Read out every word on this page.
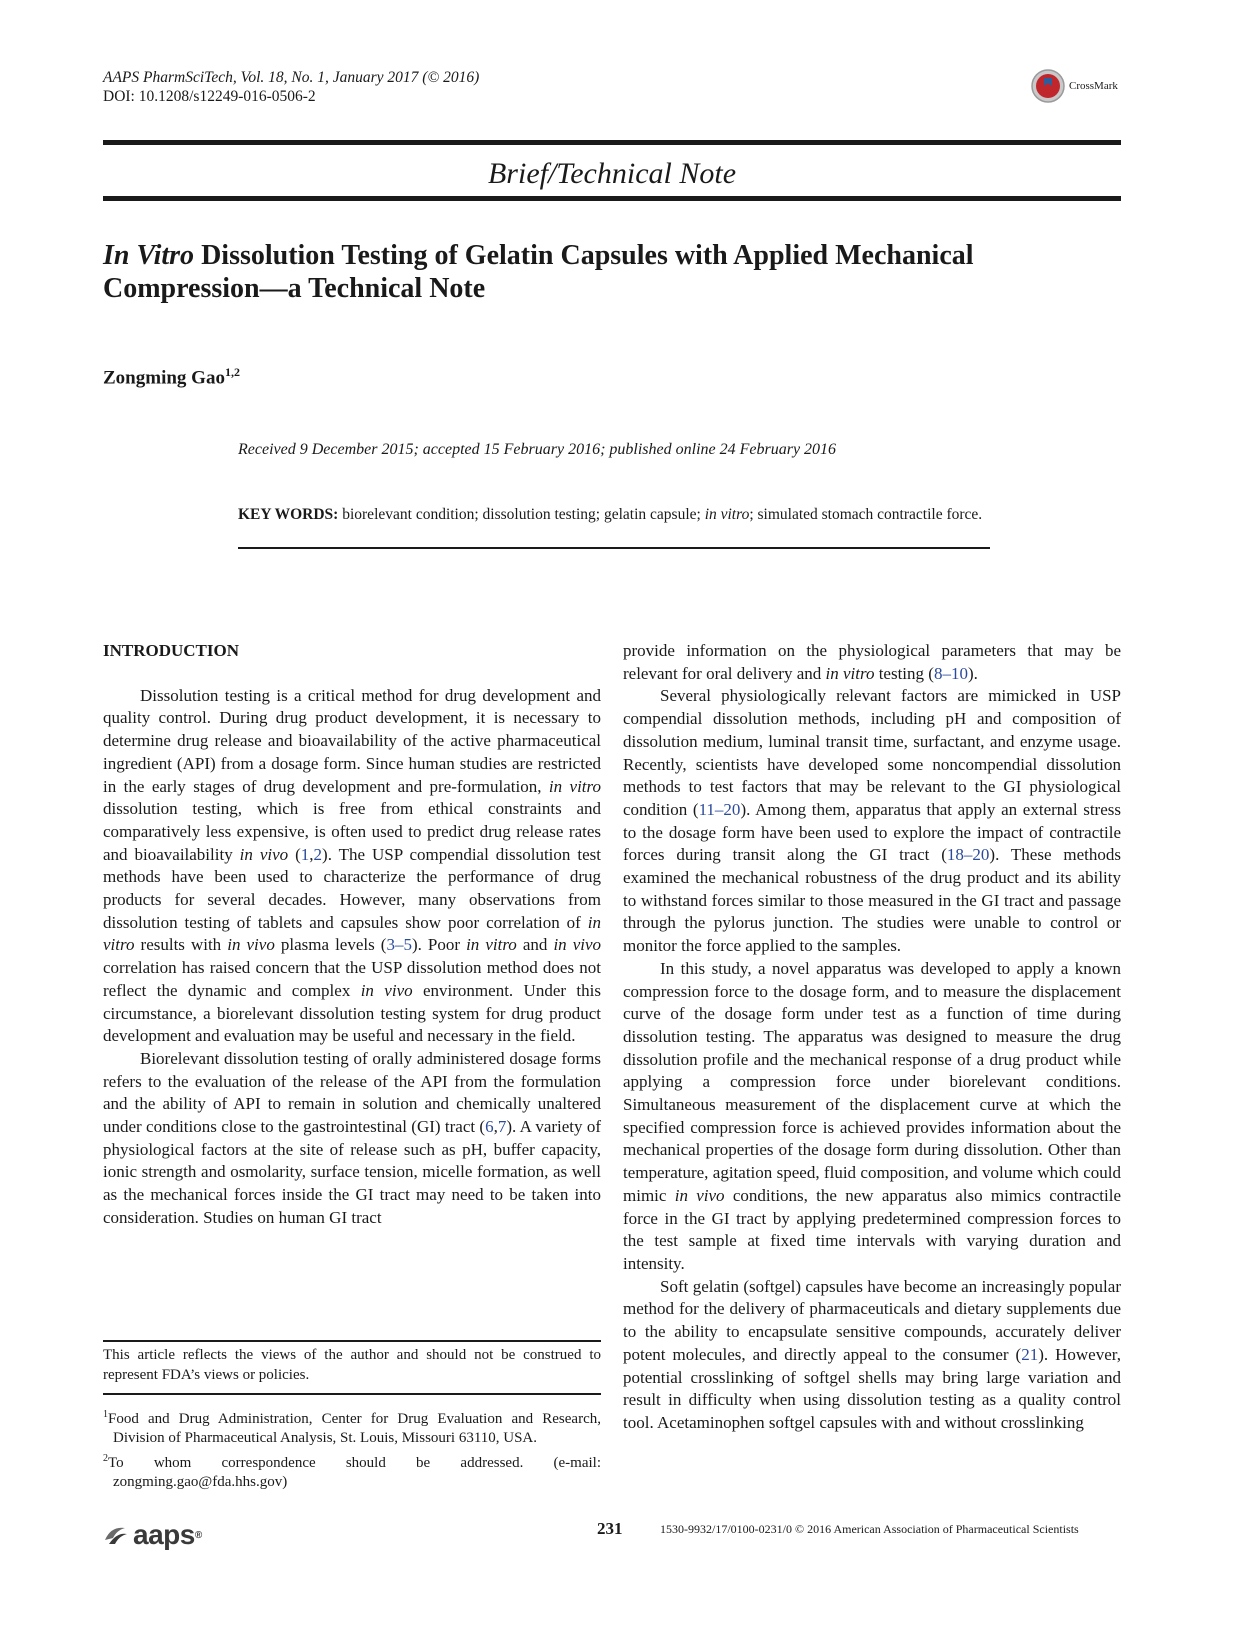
AAPS PharmSciTech, Vol. 18, No. 1, January 2017 (© 2016)
DOI: 10.1208/s12249-016-0506-2
CrossMark
Brief/Technical Note
In Vitro Dissolution Testing of Gelatin Capsules with Applied Mechanical Compression—a Technical Note
Zongming Gao$^{1,2}$
Received 9 December 2015; accepted 15 February 2016; published online 24 February 2016
KEY WORDS: biorelevant condition; dissolution testing; gelatin capsule; in vitro; simulated stomach contractile force.

INTRODUCTION

Dissolution testing is a critical method for drug development and quality control. During drug product development, it is necessary to determine drug release and bioavailability of the active pharmaceutical ingredient (API) from a dosage form. Since human studies are restricted in the early stages of drug development and pre-formulation, in vitro dissolution testing, which is free from ethical constraints and comparatively less expensive, is often used to predict drug release rates and bioavailability in vivo (1,2). The USP compendial dissolution test methods have been used to characterize the performance of drug products for several decades. However, many observations from dissolution testing of tablets and capsules show poor correlation of in vitro results with in vivo plasma levels (3–5). Poor in vitro and in vivo correlation has raised concern that the USP dissolution method does not reflect the dynamic and complex in vivo environment. Under this circumstance, a biorelevant dissolution testing system for drug product development and evaluation may be useful and necessary in the field.

Biorelevant dissolution testing of orally administered dosage forms refers to the evaluation of the release of the API from the formulation and the ability of API to remain in solution and chemically unaltered under conditions close to the gastrointestinal (GI) tract (6,7). A variety of physiological factors at the site of release such as pH, buffer capacity, ionic strength and osmolarity, surface tension, micelle formation, as well as the mechanical forces inside the GI tract may need to be taken into consideration. Studies on human GI tract

This article reflects the views of the author and should not be construed to represent FDA’s views or policies.

$^1$Food and Drug Administration, Center for Drug Evaluation and Research, Division of Pharmaceutical Analysis, St. Louis, Missouri 63110, USA.

$^2$To whom correspondence should be addressed. (e-mail: zongming.gao@fda.hhs.gov)

provide information on the physiological parameters that may be relevant for oral delivery and in vitro testing (8–10).

Several physiologically relevant factors are mimicked in USP compendial dissolution methods, including pH and composition of dissolution medium, luminal transit time, surfactant, and enzyme usage. Recently, scientists have developed some noncompendial dissolution methods to test factors that may be relevant to the GI physiological condition (11–20). Among them, apparatus that apply an external stress to the dosage form have been used to explore the impact of contractile forces during transit along the GI tract (18–20). These methods examined the mechanical robustness of the drug product and its ability to withstand forces similar to those measured in the GI tract and passage through the pylorus junction. The studies were unable to control or monitor the force applied to the samples.

In this study, a novel apparatus was developed to apply a known compression force to the dosage form, and to measure the displacement curve of the dosage form under test as a function of time during dissolution testing. The apparatus was designed to measure the drug dissolution profile and the mechanical response of a drug product while applying a compression force under biorelevant conditions. Simultaneous measurement of the displacement curve at which the specified compression force is achieved provides information about the mechanical properties of the dosage form during dissolution. Other than temperature, agitation speed, fluid composition, and volume which could mimic in vivo conditions, the new apparatus also mimics contractile force in the GI tract by applying predetermined compression forces to the test sample at fixed time intervals with varying duration and intensity.

Soft gelatin (softgel) capsules have become an increasingly popular method for the delivery of pharmaceuticals and dietary supplements due to the ability to encapsulate sensitive compounds, accurately deliver potent molecules, and directly appeal to the consumer (21). However, potential crosslinking of softgel shells may bring large variation and result in difficulty when using dissolution testing as a quality control tool. Acetaminophen softgel capsules with and without crosslinking

aaps ®	231	1530-9932/17/0100-0231/0 © 2016 American Association of Pharmaceutical Scientists
